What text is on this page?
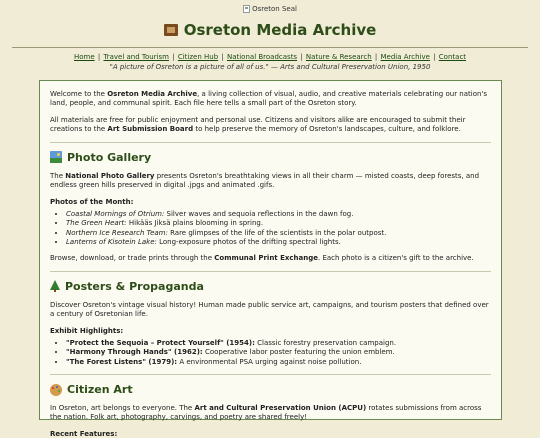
Osreton Seal
Osreton Media Archive
Home | Travel and Tourism | Citizen Hub | National Broadcasts | Nature & Research | Media Archive | Contact
"A picture of Osreton is a picture of all of us." — Arts and Cultural Preservation Union, 1950

Welcome to the Osreton Media Archive, a living collection of visual, audio, and creative materials celebrating our nation's land, people, and communal spirit. Each file here tells a small part of the Osreton story.

All materials are free for public enjoyment and personal use. Citizens and visitors alike are encouraged to submit their creations to the Art Submission Board to help preserve the memory of Osreton's landscapes, culture, and folklore.

Photo Gallery

The National Photo Gallery presents Osreton's breathtaking views in all their charm — misted coasts, deep forests, and endless green hills preserved in digital .jpgs and animated .gifs.

Photos of the Month:
• Coastal Mornings of Otrium: Silver waves and sequoia reflections in the dawn fog.
• The Green Heart: Hikääs Jiksä plains blooming in spring.
• Northern Ice Research Team: Rare glimpses of the life of the scientists in the polar outpost.
• Lanterns of Kisotein Lake: Long-exposure photos of the drifting spectral lights.

Browse, download, or trade prints through the Communal Print Exchange. Each photo is a citizen's gift to the archive.

Posters & Propaganda

Discover Osreton's vintage visual history! Human made public service art, campaigns, and tourism posters that defined over a century of Osretonian life.

Exhibit Highlights:
• "Protect the Sequoia – Protect Yourself" (1954): Classic forestry preservation campaign.
• "Harmony Through Hands" (1962): Cooperative labor poster featuring the union emblem.
• "The Forest Listens" (1979): A environmental PSA urging against noise pollution.
Citizen Art

In Osreton, art belongs to everyone. The Art and Cultural Preservation Union (ACPU) rotates submissions from across the nation. Folk art, photography, carvings, and poetry are shared freely!

Recent Features:
